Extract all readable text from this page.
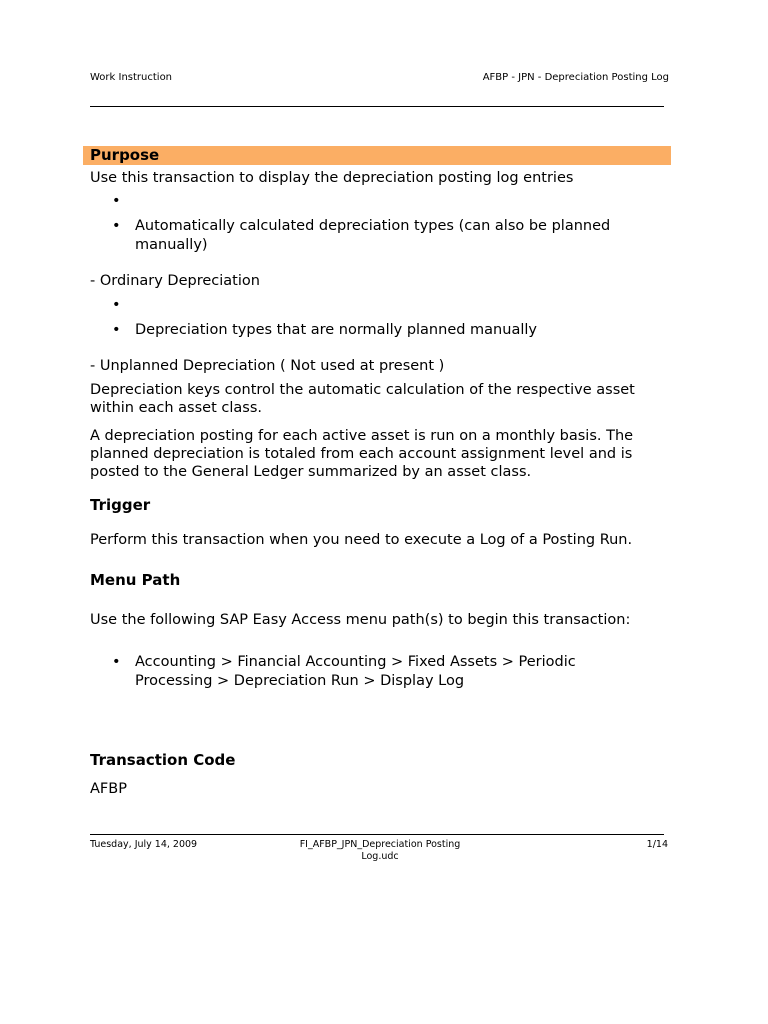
Work Instruction	AFBP - JPN - Depreciation Posting Log
Purpose
Use this transaction to display the depreciation posting log entries
•
• Automatically calculated depreciation types (can also be planned manually)
- Ordinary Depreciation
•
• Depreciation types that are normally planned manually
- Unplanned Depreciation ( Not used at present )
Depreciation keys control the automatic calculation of the respective asset within each asset class.
A depreciation posting for each active asset is run on a monthly basis. The planned depreciation is totaled from each account assignment level and is posted to the General Ledger summarized by an asset class.
Trigger
Perform this transaction when you need to execute a Log of a Posting Run.
Menu Path
Use the following SAP Easy Access menu path(s) to begin this transaction:
• Accounting > Financial Accounting > Fixed Assets > Periodic Processing > Depreciation Run > Display Log
Transaction Code
AFBP
Tuesday, July 14, 2009	FI_AFBP_JPN_Depreciation Posting
Log.udc
1/14
